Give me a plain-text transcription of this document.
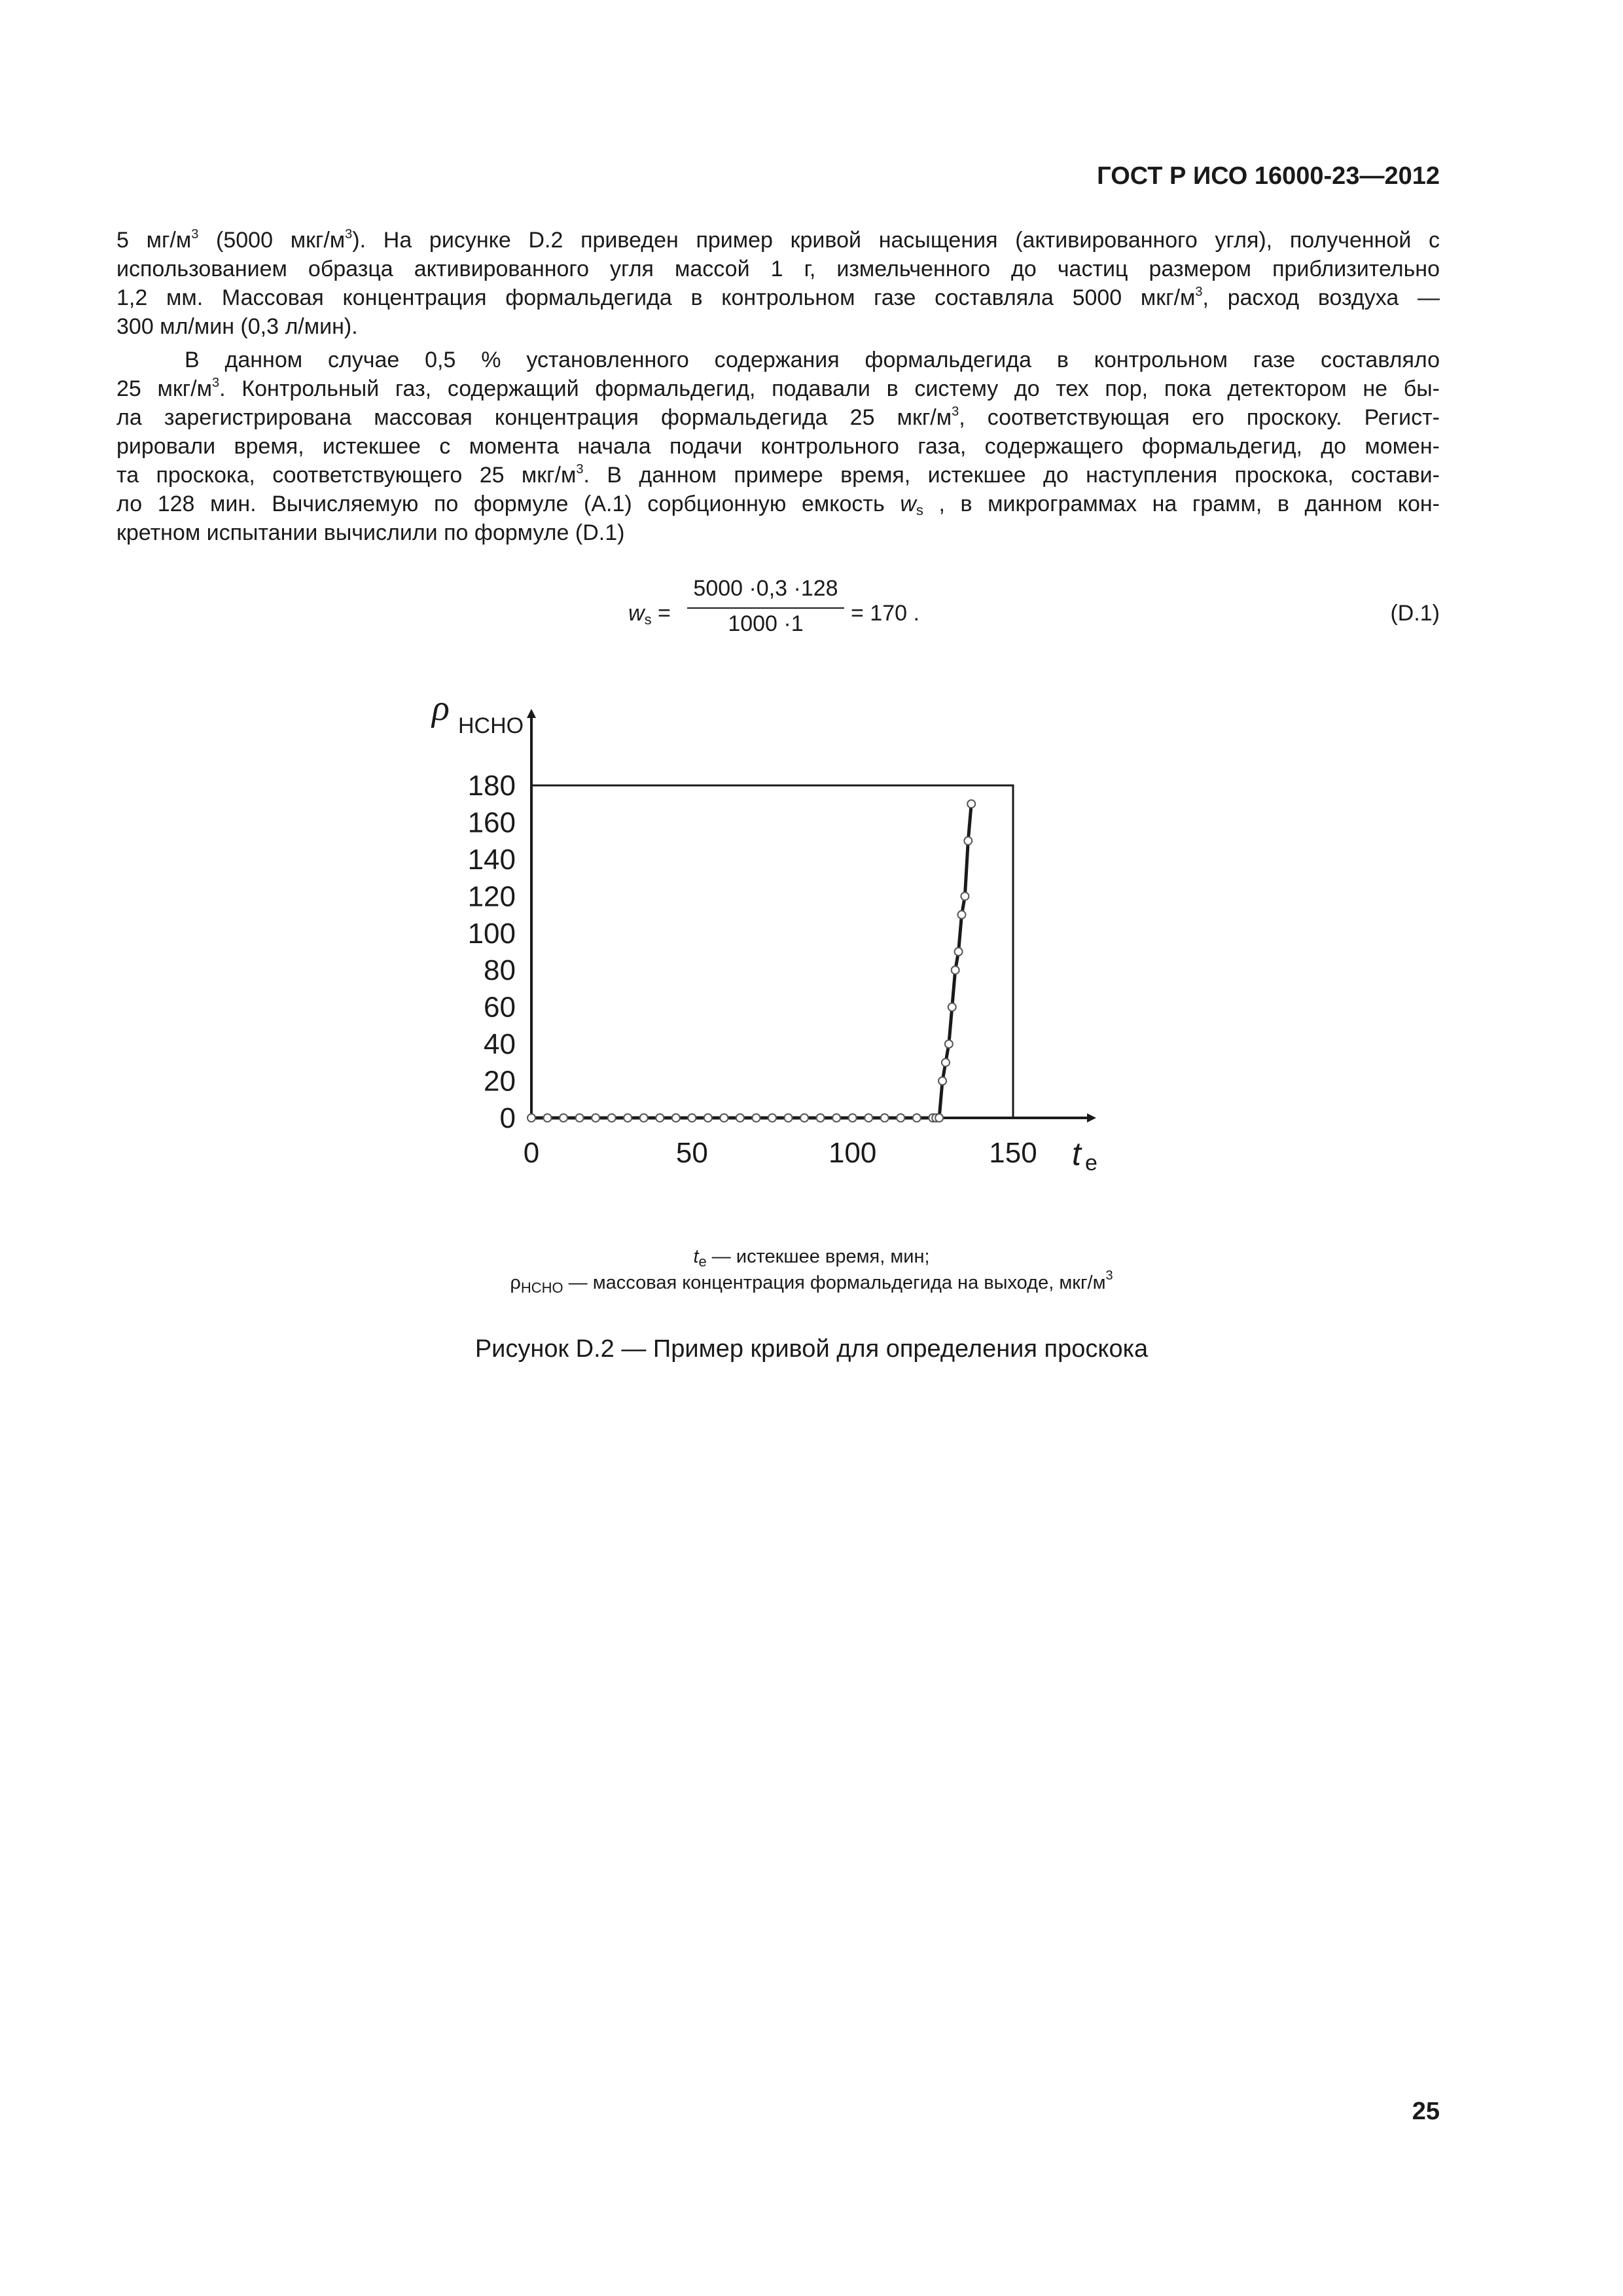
ГОСТ Р ИСО 16000-23—2012
5 $мг/м^3$ (5000 мкг/$м^3$). На рисунке D.2 приведен пример кривой насыщения (активированного угля), полученной с
использованием образца активированного угля массой 1 г, измельченного до частиц размером приблизительно
1,2 мм. Массовая концентрация формальдегида в контрольном газе составляла 5000 мкг/$м^3$, расход воздуха —
300 мл/мин (0,3 л/мин).
В данном случае 0,5 % установленного содержания формальдегида в контрольном газе составляло
25 мкг/$м^3$. Контрольный газ, содержащий формальдегид, подавали в систему до тех пор, пока детектором не бы-
ла зарегистрирована массовая концентрация формальдегида 25 мкг/$м^3$, соответствующая его проскоку. Регист-
рировали время, истекшее с момента начала подачи контрольного газа, содержащего формальдегид, до момен-
та проскока, соответствующего 25 мкг/$м^3$. В данном примере время, истекшее до наступления проскока, состави-
ло 128 мин. Вычисляемую по формуле (A.1) сорбционную емкость $w_s$ , в микрограммах на грамм, в данном кон-
кретном испытании вычислили по формуле (D.1)
$w_s$ =
5000 ·0,3 ·128
1000 ·1	= 170 .	(D.1)
0	50	100	150
0
20
40
60
80
100
120
140
160
180
ρ HCHO
t e
$t_e$ — истекшее время, мин;
$\rho_{HCHO}$ — массовая концентрация формальдегида на выходе, мкг/$м^3$
Рисунок D.2 — Пример кривой для определения проскока
25
